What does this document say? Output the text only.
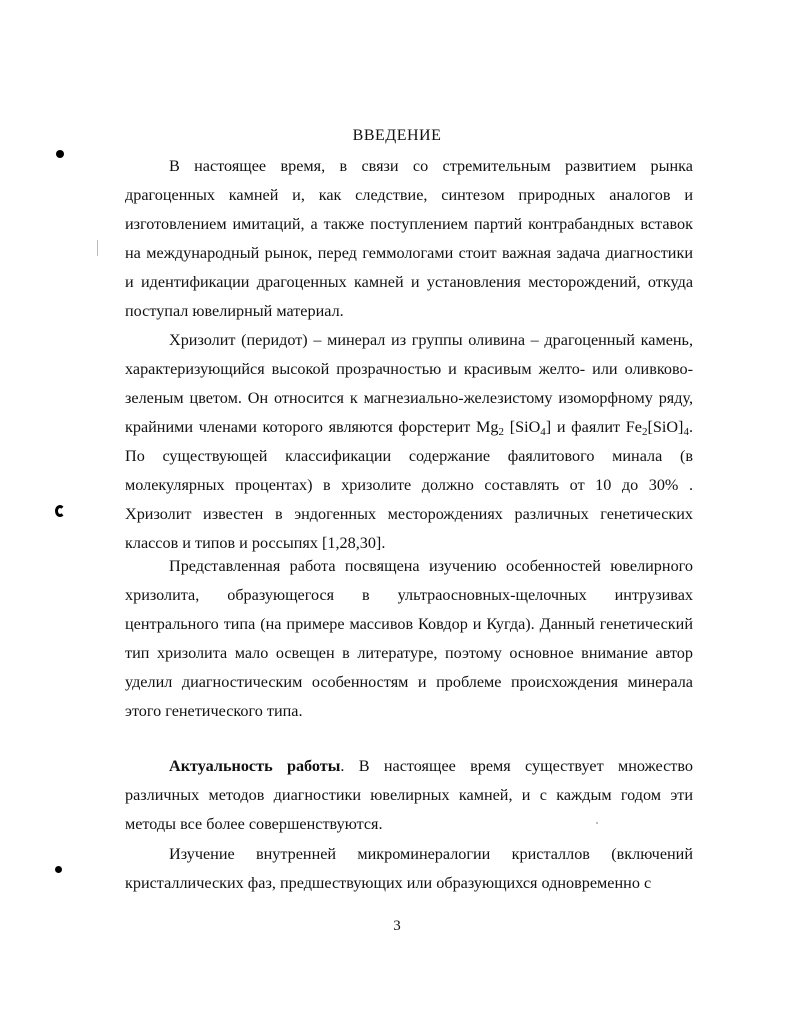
ВВЕДЕНИЕ

В настоящее время, в связи со стремительным развитием рынка драгоценных камней и, как следствие, синтезом природных аналогов и изготовлением имитаций, а также поступлением партий контрабандных вставок на международный рынок, перед геммологами стоит важная задача диагностики и идентификации драгоценных камней и установления месторождений, откуда поступал ювелирный материал.

Хризолит (перидот) – минерал из группы оливина – драгоценный камень, характеризующийся высокой прозрачностью и красивым желто- или оливково-зеленым цветом. Он относится к магнезиально-железистому изоморфному ряду, крайними членами которого являются форстерит $Mg_2$ [SiO$_4$] и фаялит $Fe_2[SiO]_4$. По существующей классификации содержание фаялитового минала (в молекулярных процентах) в хризолите должно составлять от 10 до 30% . Хризолит известен в эндогенных месторождениях различных генетических классов и типов и россыпях [1,28,30].

Представленная работа посвящена изучению особенностей ювелирного хризолита, образующегося в ультраосновных-щелочных интрузивах центрального типа (на примере массивов Ковдор и Кугда). Данный генетический тип хризолита мало освещен в литературе, поэтому основное внимание автор уделил диагностическим особенностям и проблеме происхождения минерала этого генетического типа.

Актуальность работы. В настоящее время существует множество различных методов диагностики ювелирных камней, и с каждым годом эти методы все более совершенствуются.

Изучение внутренней микроминералогии кристаллов (включений кристаллических фаз, предшествующих или образующихся одновременно с

3
